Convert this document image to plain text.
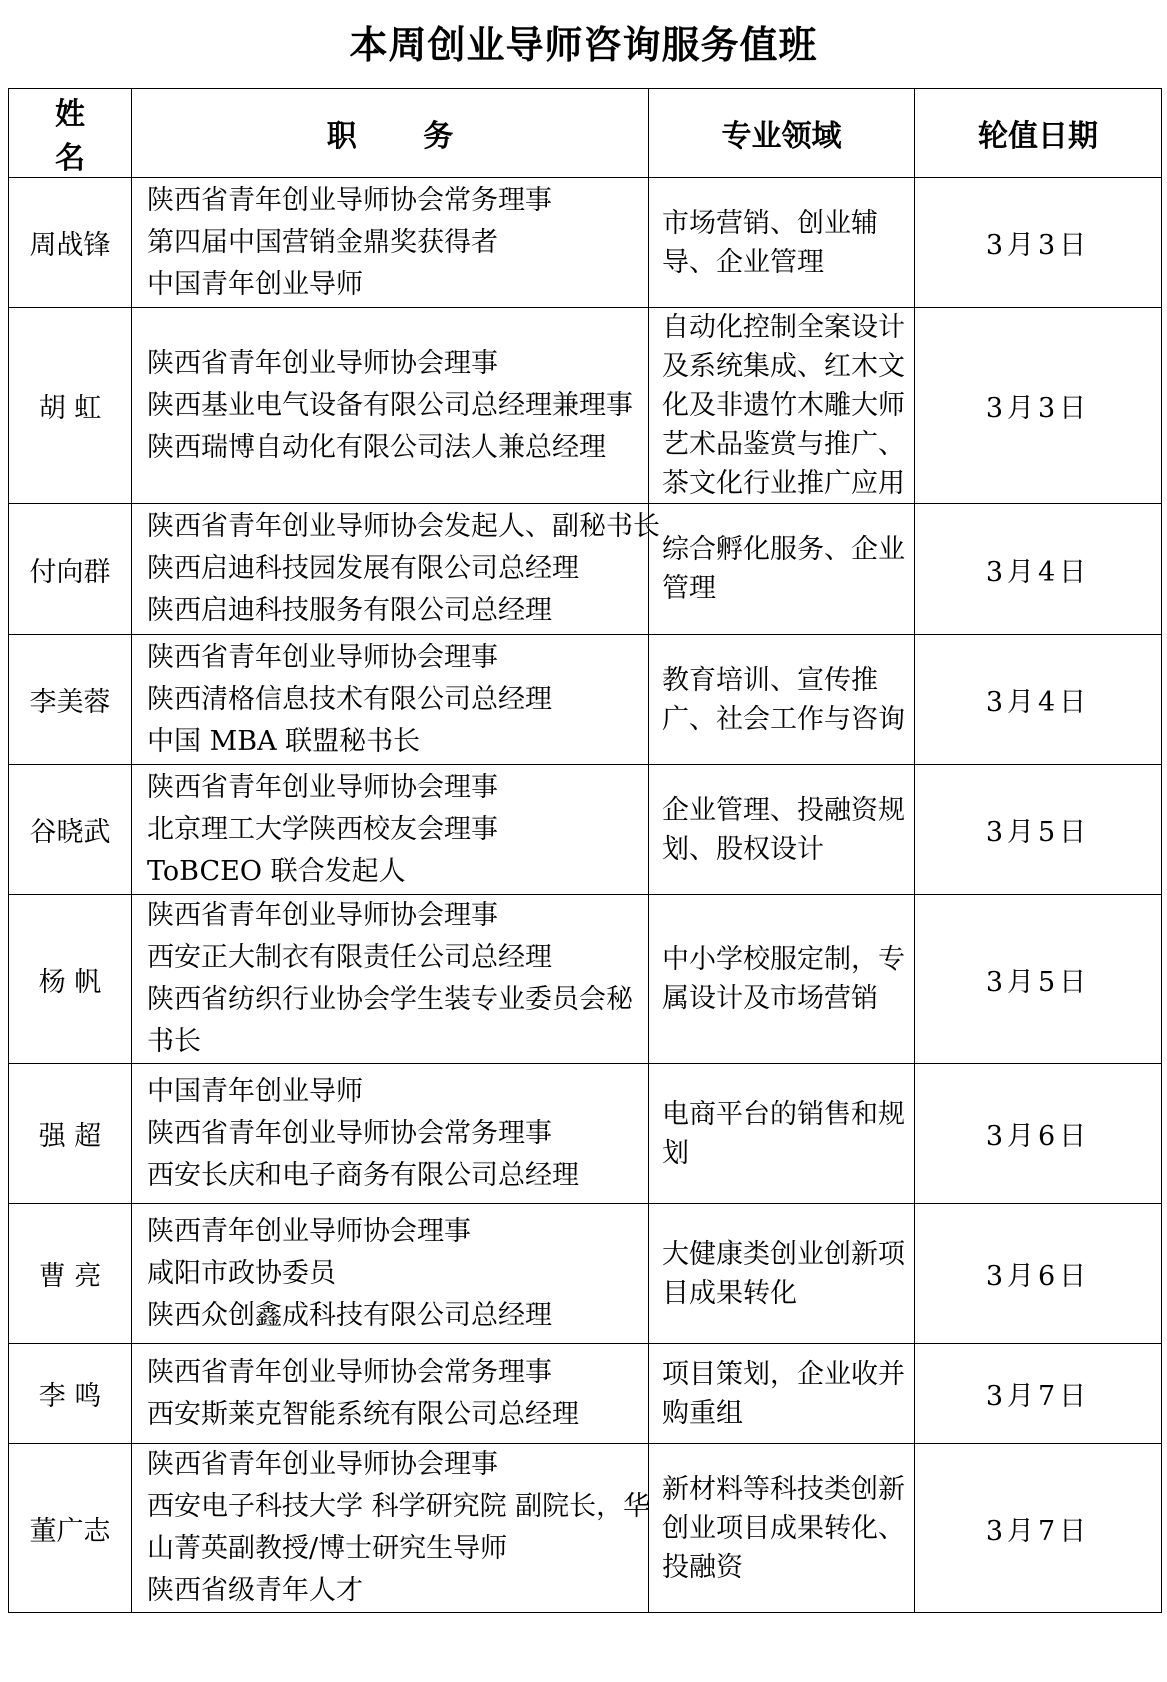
本周创业导师咨询服务值班
姓 名	职 务	专业领域	轮值日期
周战锋	陕西省青年创业导师协会常务理事
第四届中国营销金鼎奖获得者
中国青年创业导师	市场营销、创业辅导、企业管理	3月3日
胡 虹	陕西省青年创业导师协会理事
陕西基业电气设备有限公司总经理兼理事
陕西瑞博自动化有限公司法人兼总经理	自动化控制全案设计及系统集成、红木文化及非遗竹木雕大师艺术品鉴赏与推广、茶文化行业推广应用	3月3日
付向群	陕西省青年创业导师协会发起人、副秘书长
陕西启迪科技园发展有限公司总经理
陕西启迪科技服务有限公司总经理	综合孵化服务、企业管理	3月4日
李美蓉	陕西省青年创业导师协会理事
陕西清格信息技术有限公司总经理
中国 MBA 联盟秘书长	教育培训、宣传推广、社会工作与咨询	3月4日
谷晓武	陕西省青年创业导师协会理事
北京理工大学陕西校友会理事
ToBCEO 联合发起人	企业管理、投融资规划、股权设计	3月5日
杨 帆	陕西省青年创业导师协会理事
西安正大制衣有限责任公司总经理
陕西省纺织行业协会学生装专业委员会秘
书长	中小学校服定制，专属设计及市场营销	3月5日
强 超	中国青年创业导师
陕西省青年创业导师协会常务理事
西安长庆和电子商务有限公司总经理	电商平台的销售和规划	3月6日
曹 亮	陕西青年创业导师协会理事
咸阳市政协委员
陕西众创鑫成科技有限公司总经理	大健康类创业创新项目成果转化	3月6日
李 鸣	陕西省青年创业导师协会常务理事
西安斯莱克智能系统有限公司总经理	项目策划，企业收并购重组	3月7日
董广志	陕西省青年创业导师协会理事
西安电子科技大学 科学研究院 副院长，华
山菁英副教授/博士研究生导师
陕西省级青年人才	新材料等科技类创新创业项目成果转化、投融资	3月7日
